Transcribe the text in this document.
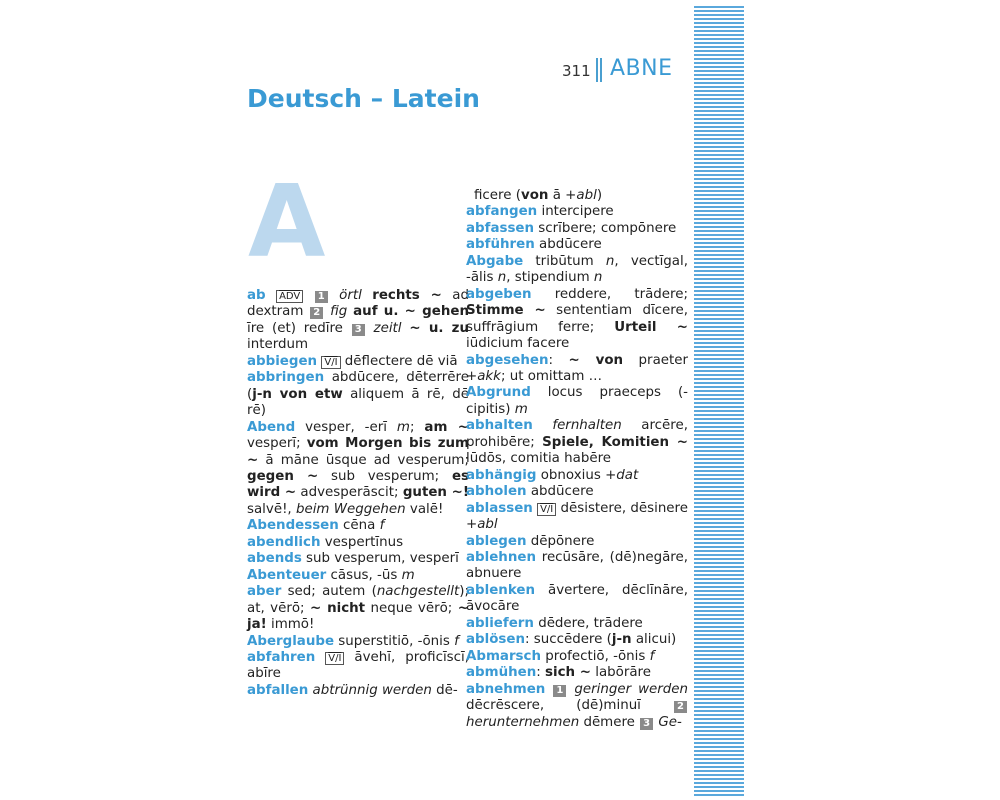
311 ABNE
Deutsch – Latein
A

ab $\overline{ADV}$ 1 örtl rechts ~ ad dextram 2 fig auf u. ~ gehen īre (et) redīre 3 zeitl ~ u. zu interdum

abbiegen V/I dēflectere dē viā

abbringen abdūcere, dēterrēre (j-n von etw aliquem ā rē, dē rē)

Abend vesper, -erī m; am ~ vesperī; vom Morgen bis zum ~ ā māne ūsque ad vesperum; gegen ~ sub vesperum; es wird ~ advesperāscit; guten ~! salvē!, beim Weggehen valē!

Abendessen cēna f

abendlich vespertīnus

abends sub vesperum, vesperī

Abenteuer cāsus, -ūs m

aber sed; autem (nachgestellt); at, vērō; ~ nicht neque vērō; ~ ja! immō!

Aberglaube superstitiō, -ōnis f

abfahren V/I āvehī, proficīscī, abīre

abfallen abtrünnig werden dē-

ficere (von ā +abl)

abfangen intercipere

abfassen scrībere; compōnere

abführen abdūcere

Abgabe tribūtum n, vectīgal, -ālis n, stipendium n

abgeben reddere, trādere; Stimme ~ sententiam dīcere, suffrāgium ferre; Urteil ~ iūdicium facere

abgesehen: ~ von praeter +akk; ut omittam …

Abgrund locus praeceps (-cipitis) m

abhalten fernhalten arcēre, prohibēre; Spiele, Komitien ~ lūdōs, comitia habēre

abhängig obnoxius +dat

abholen abdūcere

ablassen V/I dēsistere, dēsinere +abl

ablegen dēpōnere

ablehnen recūsāre, (dē)negāre, abnuere

ablenken āvertere, dēclīnāre, āvocāre

abliefern dēdere, trādere

ablösen: succēdere (j-n alicui)

Abmarsch profectiō, -ōnis f

abmühen: sich ~ labōrāre

abnehmen 1 geringer werden dēcrēscere, (dē)minuī 2 herunternehmen dēmere 3 Ge-
